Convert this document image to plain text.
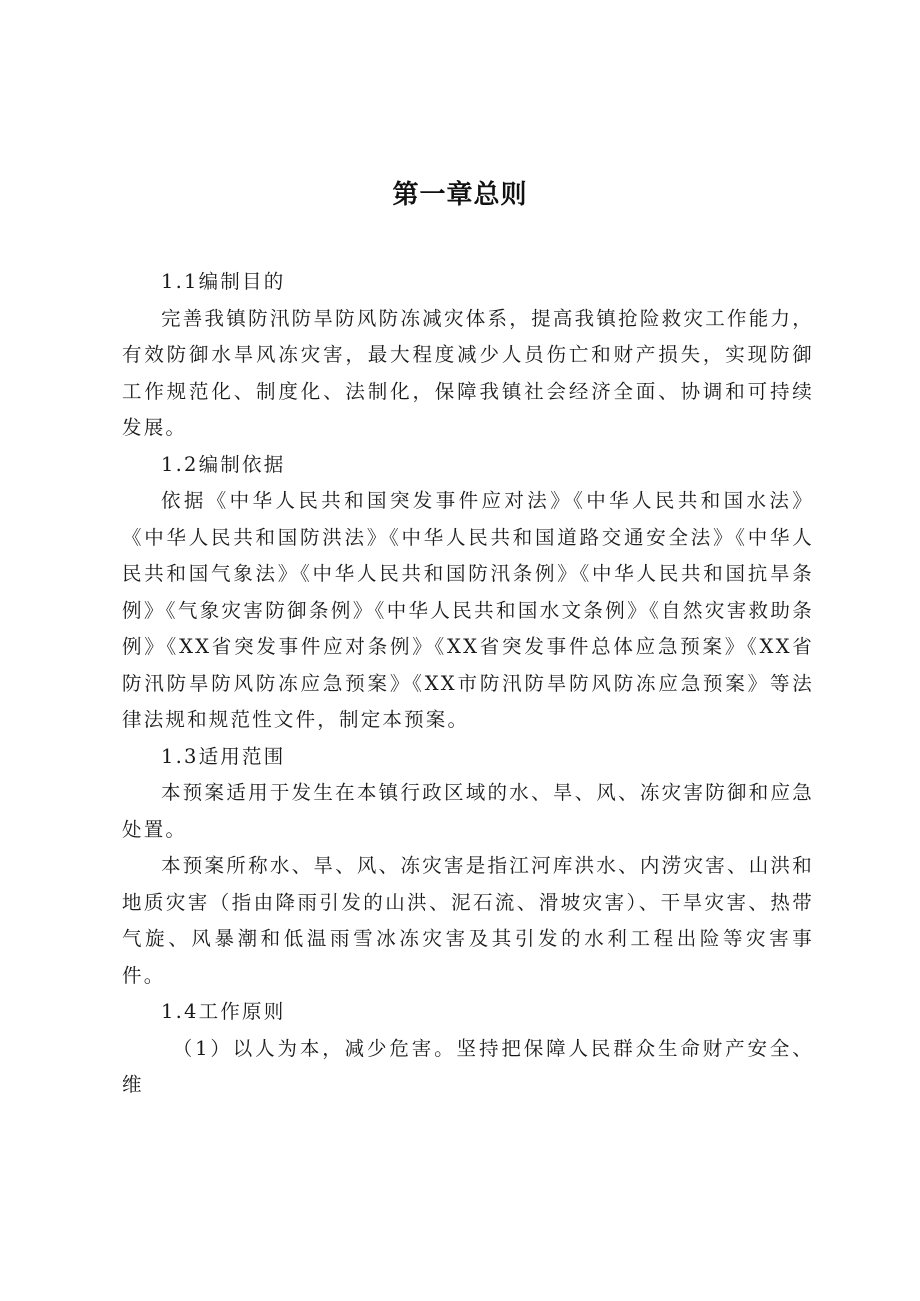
第一章总则

1.1编制目的

完善我镇防汛防旱防风防冻减灾体系，提高我镇抢险救灾工作能力，有效防御水旱风冻灾害，最大程度减少人员伤亡和财产损失，实现防御工作规范化、制度化、法制化，保障我镇社会经济全面、协调和可持续发展。

1.2编制依据

依据《中华人民共和国突发事件应对法》《中华人民共和国水法》《中华人民共和国防洪法》《中华人民共和国道路交通安全法》《中华人民共和国气象法》《中华人民共和国防汛条例》《中华人民共和国抗旱条例》《气象灾害防御条例》《中华人民共和国水文条例》《自然灾害救助条例》《XX省突发事件应对条例》《XX省突发事件总体应急预案》《XX省防汛防旱防风防冻应急预案》《XX市防汛防旱防风防冻应急预案》等法律法规和规范性文件，制定本预案。

1.3适用范围

本预案适用于发生在本镇行政区域的水、旱、风、冻灾害防御和应急处置。

本预案所称水、旱、风、冻灾害是指江河库洪水、内涝灾害、山洪和地质灾害（指由降雨引发的山洪、泥石流、滑坡灾害）、干旱灾害、热带气旋、风暴潮和低温雨雪冰冻灾害及其引发的水利工程出险等灾害事件。

1.4工作原则

（1）以人为本，减少危害。坚持把保障人民群众生命财产安全、维
